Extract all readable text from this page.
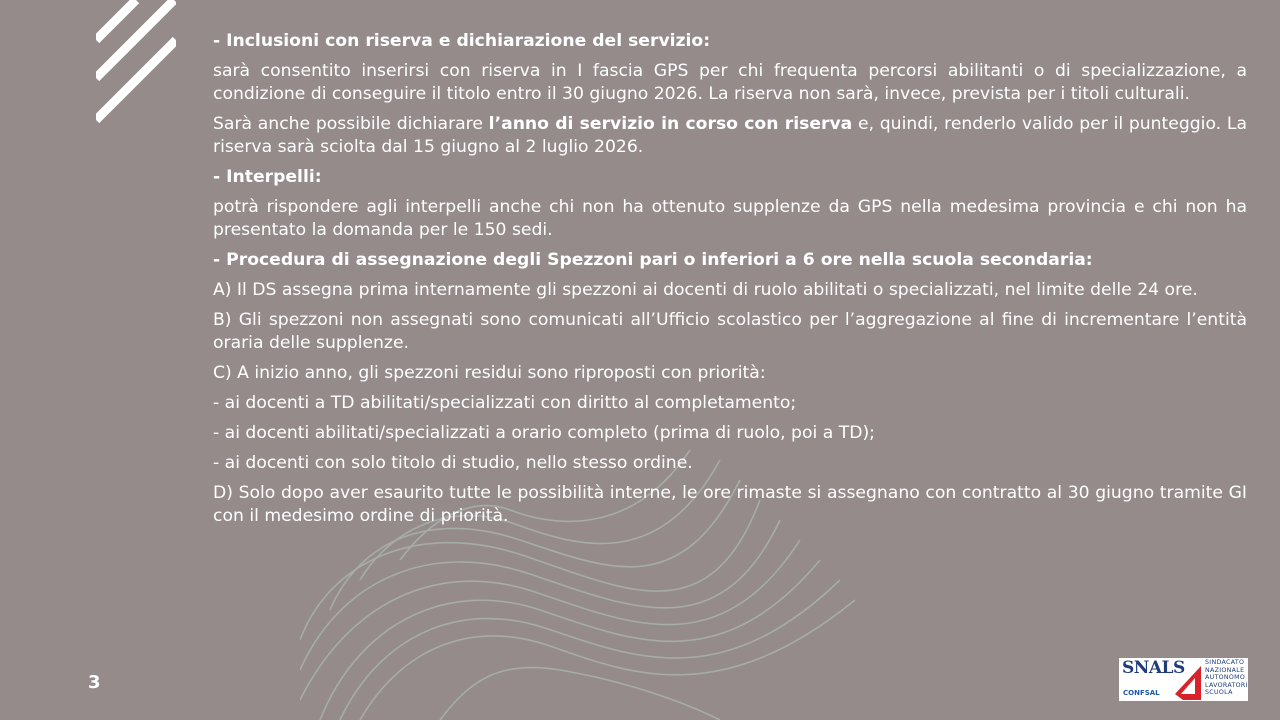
- Inclusioni con riserva e dichiarazione del servizio:

sarà consentito inserirsi con riserva in I fascia GPS per chi frequenta percorsi abilitanti o di specializzazione, a condizione di conseguire il titolo entro il 30 giugno 2026. La riserva non sarà, invece, prevista per i titoli culturali.

Sarà anche possibile dichiarare l’anno di servizio in corso con riserva e, quindi, renderlo valido per il punteggio. La riserva sarà sciolta dal 15 giugno al 2 luglio 2026.

- Interpelli:

potrà rispondere agli interpelli anche chi non ha ottenuto supplenze da GPS nella medesima provincia e chi non ha presentato la domanda per le 150 sedi.

- Procedura di assegnazione degli Spezzoni pari o inferiori a 6 ore nella scuola secondaria:

A) Il DS assegna prima internamente gli spezzoni ai docenti di ruolo abilitati o specializzati, nel limite delle 24 ore.

B) Gli spezzoni non assegnati sono comunicati all’Ufficio scolastico per l’aggregazione al fine di incrementare l’entità oraria delle supplenze.

C) A inizio anno, gli spezzoni residui sono riproposti con priorità:

- ai docenti a TD abilitati/specializzati con diritto al completamento;

- ai docenti abilitati/specializzati a orario completo (prima di ruolo, poi a TD);

- ai docenti con solo titolo di studio, nello stesso ordine.

D) Solo dopo aver esaurito tutte le possibilità interne, le ore rimaste si assegnano con contratto al 30 giugno tramite GI con il medesimo ordine di priorità.

3
SNALS
CONFSAL
SINDACATO
NAZIONALE
AUTONOMO
LAVORATORI
SCUOLA
